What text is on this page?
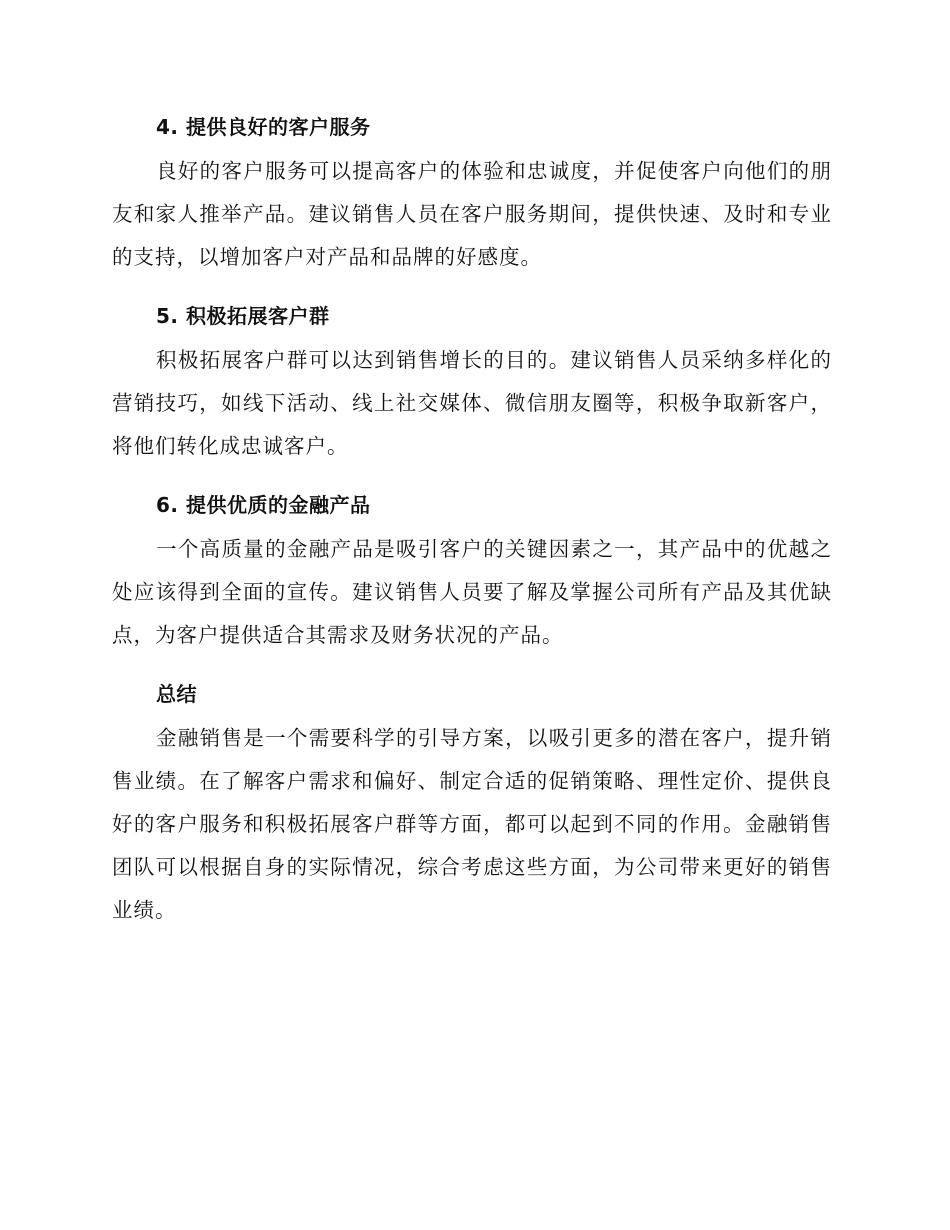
4. 提供良好的客户服务

良好的客户服务可以提高客户的体验和忠诚度，并促使客户向他们的朋友和家人推举产品。建议销售人员在客户服务期间，提供快速、及时和专业的支持，以增加客户对产品和品牌的好感度。

5. 积极拓展客户群

积极拓展客户群可以达到销售增长的目的。建议销售人员采纳多样化的营销技巧，如线下活动、线上社交媒体、微信朋友圈等，积极争取新客户，将他们转化成忠诚客户。

6. 提供优质的金融产品

一个高质量的金融产品是吸引客户的关键因素之一，其产品中的优越之处应该得到全面的宣传。建议销售人员要了解及掌握公司所有产品及其优缺点，为客户提供适合其需求及财务状况的产品。

总结

金融销售是一个需要科学的引导方案，以吸引更多的潜在客户，提升销售业绩。在了解客户需求和偏好、制定合适的促销策略、理性定价、提供良好的客户服务和积极拓展客户群等方面，都可以起到不同的作用。金融销售团队可以根据自身的实际情况，综合考虑这些方面，为公司带来更好的销售业绩。
